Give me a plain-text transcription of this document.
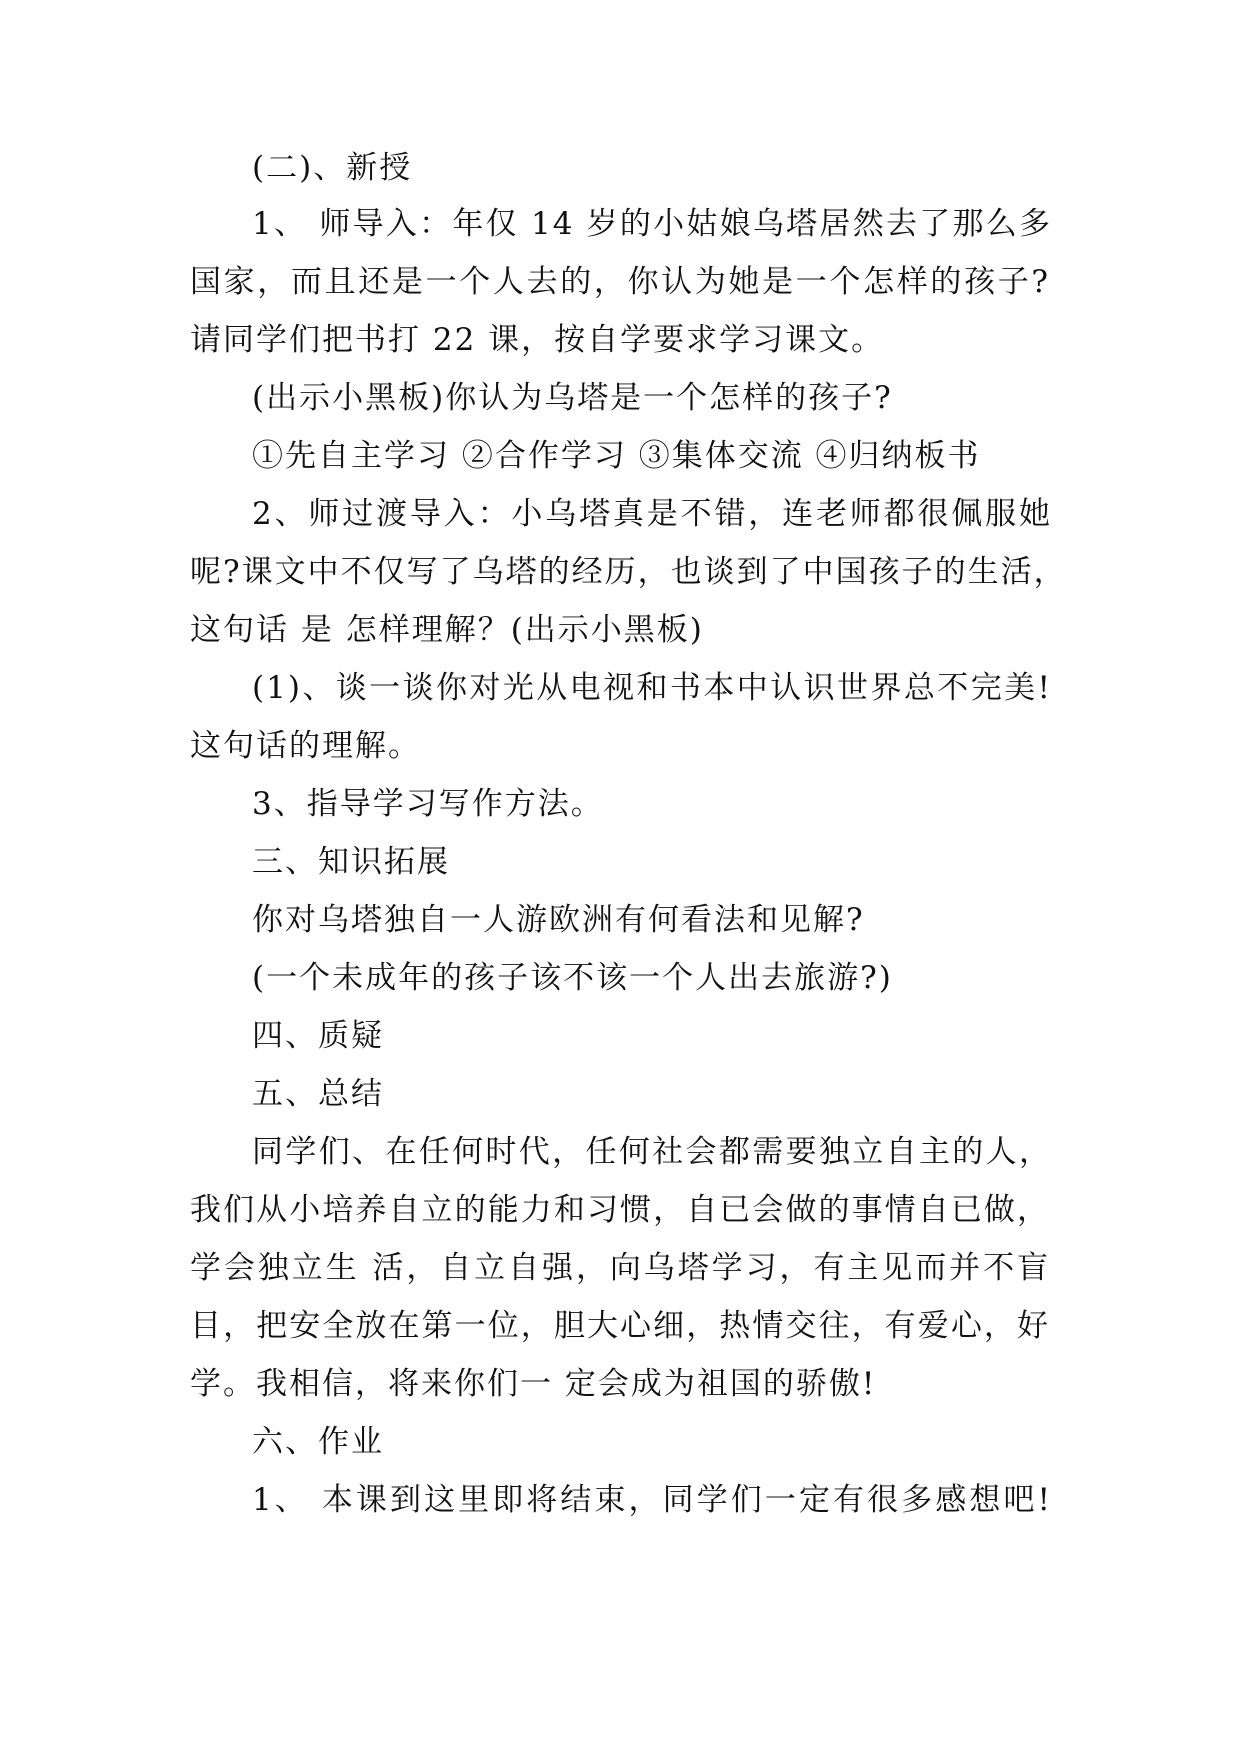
(二)、新授
1、 师导入：年仅 14 岁的小姑娘乌塔居然去了那么多
国家，而且还是一个人去的，你认为她是一个怎样的孩子?
请同学们把书打 22 课，按自学要求学习课文。
(出示小黑板)你认为乌塔是一个怎样的孩子?
①先自主学习 ②合作学习 ③集体交流 ④归纳板书
2、师过渡导入：小乌塔真是不错，连老师都很佩服她
呢?课文中不仅写了乌塔的经历，也谈到了中国孩子的生活，
这句话 是 怎样理解？(出示小黑板)
(1)、谈一谈你对光从电视和书本中认识世界总不完美!
这句话的理解。
3、指导学习写作方法。
三、知识拓展
你对乌塔独自一人游欧洲有何看法和见解?
(一个未成年的孩子该不该一个人出去旅游?)
四、质疑
五、总结
同学们、在任何时代，任何社会都需要独立自主的人，
我们从小培养自立的能力和习惯，自已会做的事情自已做，
学会独立生 活，自立自强，向乌塔学习，有主见而并不盲
目，把安全放在第一位，胆大心细，热情交往，有爱心，好
学。我相信，将来你们一 定会成为祖国的骄傲!
六、作业
1、 本课到这里即将结束，同学们一定有很多感想吧!
